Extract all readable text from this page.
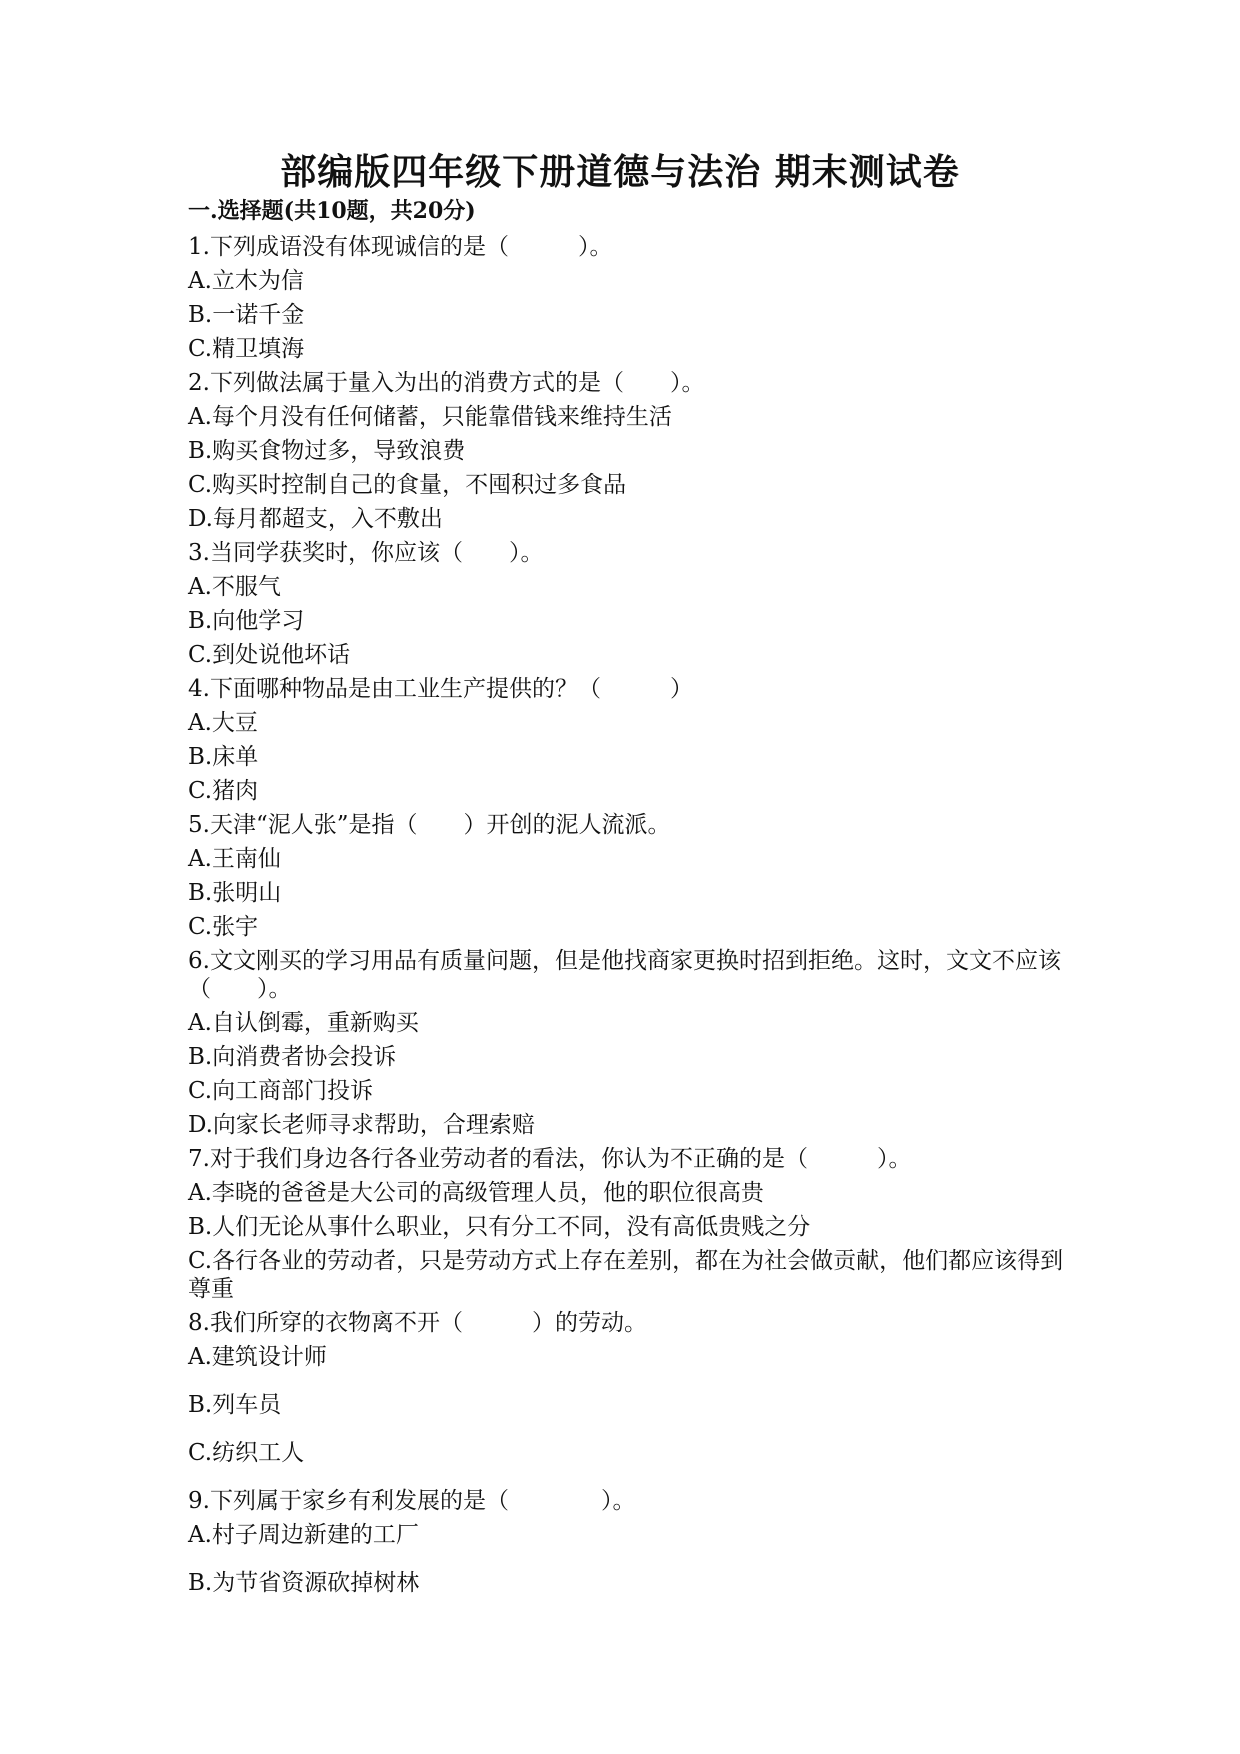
部编版四年级下册道德与法治 期末测试卷
一.选择题(共10题，共20分)
1.下列成语没有体现诚信的是（　　　）。
A.立木为信
B.一诺千金
C.精卫填海
2.下列做法属于量入为出的消费方式的是（　　）。
A.每个月没有任何储蓄，只能靠借钱来维持生活
B.购买食物过多，导致浪费
C.购买时控制自己的食量，不囤积过多食品
D.每月都超支，入不敷出
3.当同学获奖时，你应该（　　）。
A.不服气
B.向他学习
C.到处说他坏话
4.下面哪种物品是由工业生产提供的？（　　　）
A.大豆
B.床单
C.猪肉
5.天津“泥人张”是指（　　）开创的泥人流派。
A.王南仙
B.张明山
C.张宇
6.文文刚买的学习用品有质量问题，但是他找商家更换时招到拒绝。这时，文文不应该（　　）。
A.自认倒霉，重新购买
B.向消费者协会投诉
C.向工商部门投诉
D.向家长老师寻求帮助，合理索赔
7.对于我们身边各行各业劳动者的看法，你认为不正确的是（　　　）。
A.李晓的爸爸是大公司的高级管理人员，他的职位很高贵
B.人们无论从事什么职业，只有分工不同，没有高低贵贱之分
C.各行各业的劳动者，只是劳动方式上存在差别，都在为社会做贡献，他们都应该得到尊重
8.我们所穿的衣物离不开（　　　）的劳动。
A.建筑设计师
B.列车员
C.纺织工人
9.下列属于家乡有利发展的是（　　　　）。
A.村子周边新建的工厂
B.为节省资源砍掉树林
